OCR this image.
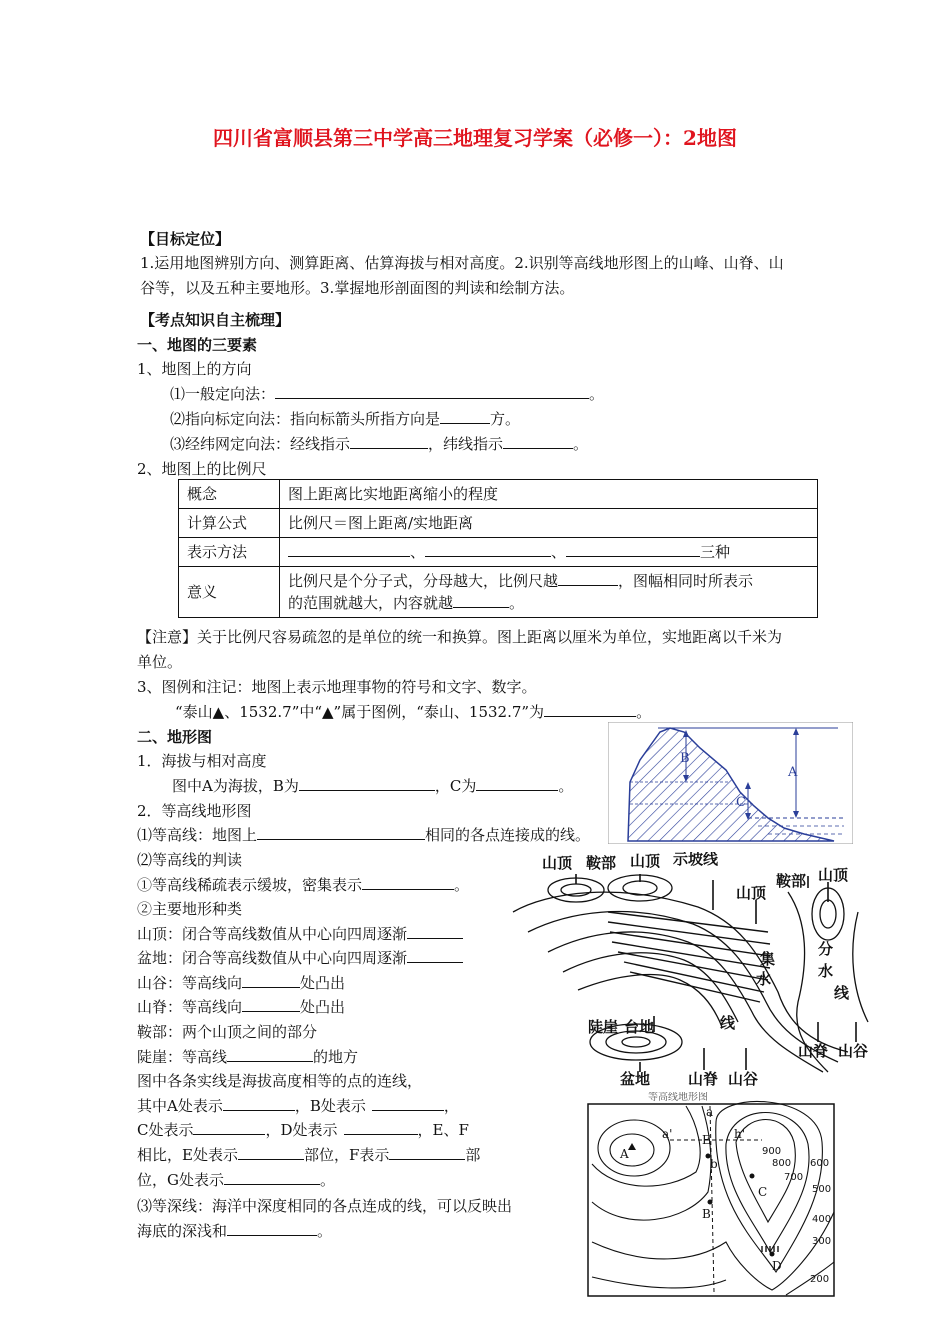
四川省富顺县第三中学高三地理复习学案（必修一）：2地图
【目标定位】
1.运用地图辨别方向、测算距离、估算海拔与相对高度。2.识别等高线地形图上的山峰、山脊、山
谷等，以及五种主要地形。3.掌握地形剖面图的判读和绘制方法。
【考点知识自主梳理】
一、地图的三要素
1、地图上的方向
⑴一般定向法：	。
⑵指向标定向法：指向标箭头所指方向是	方。
⑶经纬网定向法：经线指示	，纬线指示	。
2、地图上的比例尺
概念	图上距离比实地距离缩小的程度
计算公式	比例尺＝图上距离/实地距离
表示方法	、 、 三种
意义	比例尺是个分子式，分母越大，比例尺越 ，图幅相同时所表示
的范围就越大，内容就越 。
【注意】关于比例尺容易疏忽的是单位的统一和换算。图上距离以厘米为单位，实地距离以千米为
单位。
3、图例和注记：地图上表示地理事物的符号和文字、数字。
“泰山▲、1532.7”中“▲”属于图例，“泰山、1532.7”为	。
二、地形图
1．海拔与相对高度
图中A为海拔，B为	，C为	。
2．等高线地形图
⑴等高线：地图上	相同的各点连接成的线。
⑵等高线的判读
①等高线稀疏表示缓坡，密集表示	。
②主要地形种类
山顶：闭合等高线数值从中心向四周逐渐
盆地：闭合等高线数值从中心向四周逐渐
山谷：等高线向	处凸出
山脊：等高线向	处凸出
鞍部：两个山顶之间的部分
陡崖：等高线	的地方
图中各条实线是海拔高度相等的点的连线，
其中A处表示	，B处表示	，
C处表示	，D处表示	，E、F
相比，E处表示	部位，F表示	部
位，G处表示	。
⑶等深线：海洋中深度相同的各点连成的线，可以反映出
海底的深浅和	。
A
B
C
山顶 鞍部 山顶 示坡线
山顶
鞍部 山顶
陡崖 台地	线
盆地	山脊 山谷
山脊 山谷
分
水
线
集
水
等高线地形图
A
a
a'	h'
E
b
B
C
D
900
800
700
600
500
400
300
200
